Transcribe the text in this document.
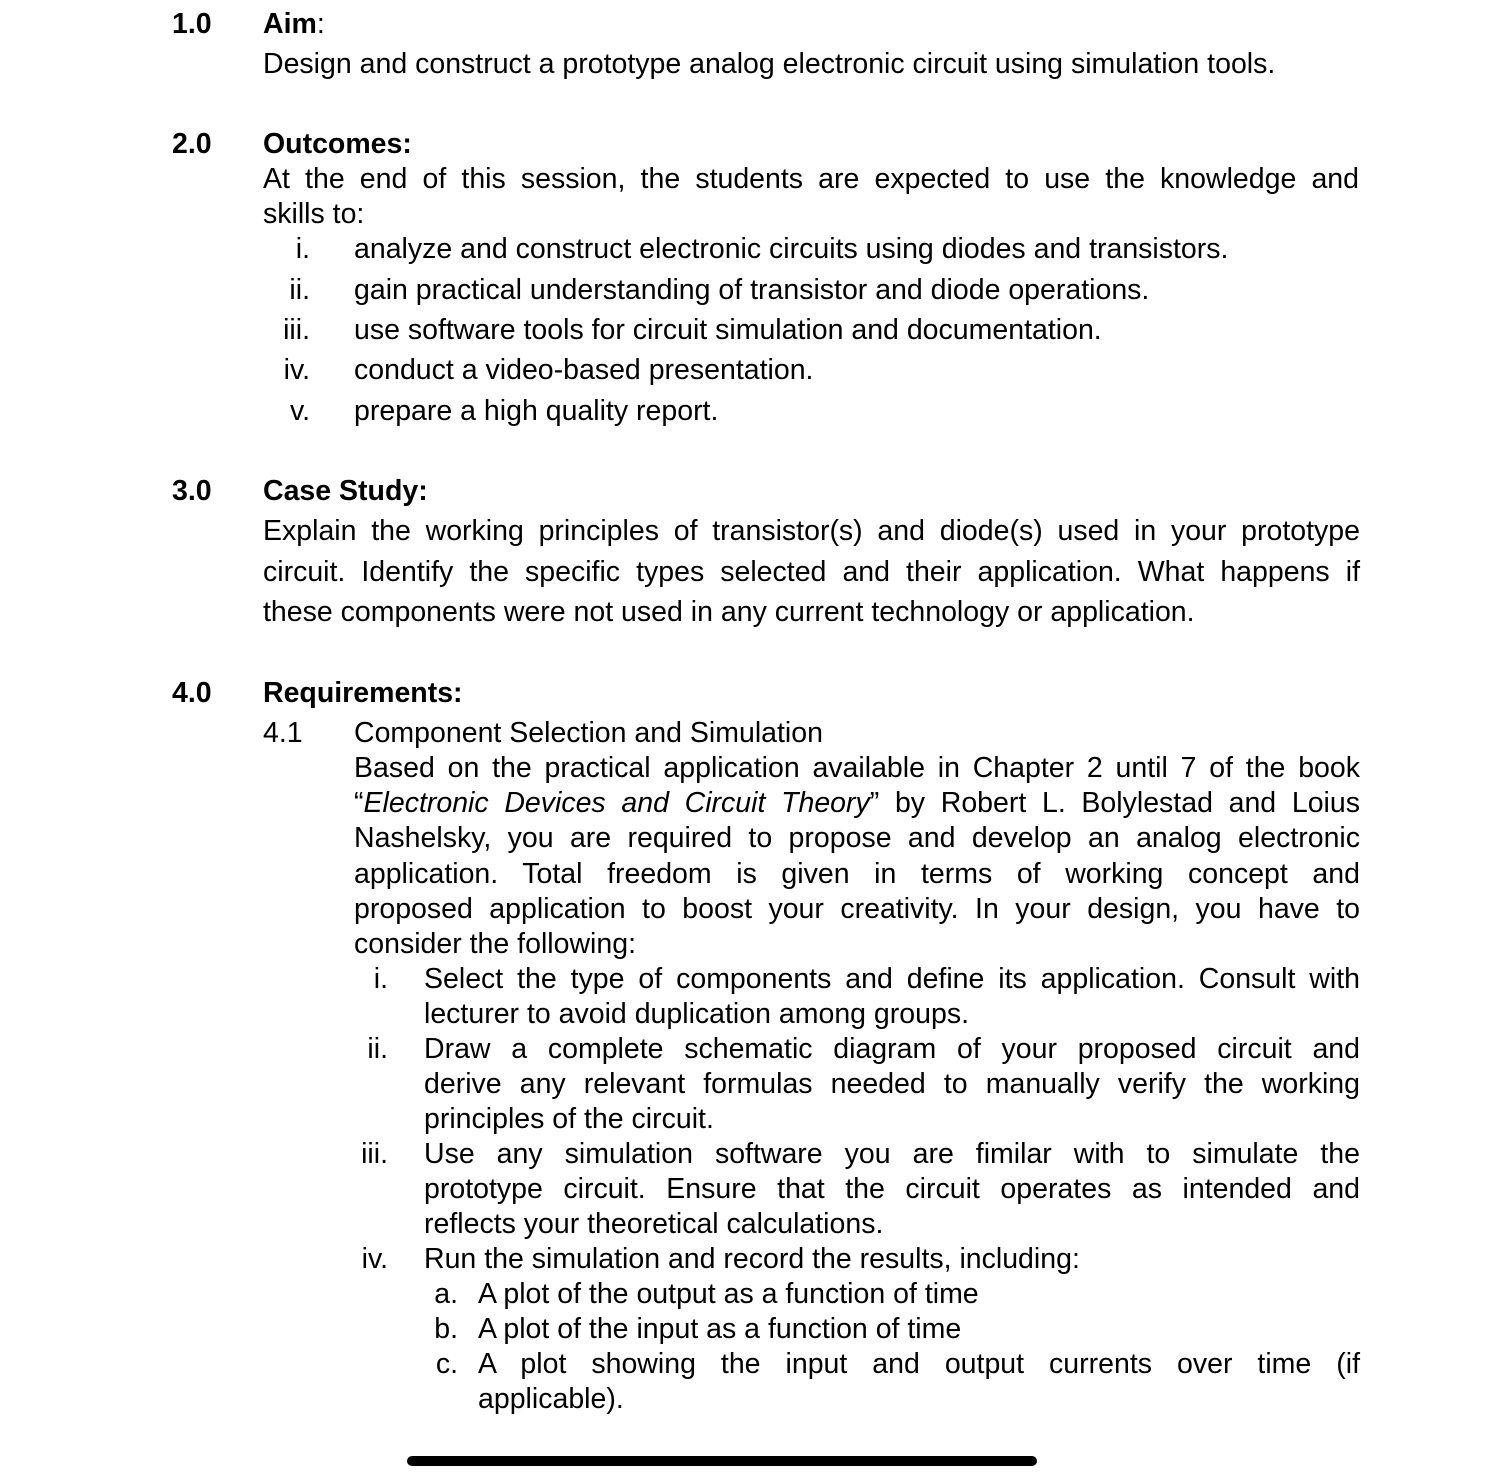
1.0 Aim:
Design and construct a prototype analog electronic circuit using simulation tools.
2.0 Outcomes:
At the end of this session, the students are expected to use the knowledge and
skills to:
i. analyze and construct electronic circuits using diodes and transistors.
ii. gain practical understanding of transistor and diode operations.
iii. use software tools for circuit simulation and documentation.
iv. conduct a video-based presentation.
v. prepare a high quality report.
3.0 Case Study:
Explain the working principles of transistor(s) and diode(s) used in your prototype
circuit. Identify the specific types selected and their application. What happens if
these components were not used in any current technology or application.
4.0 Requirements:
4.1 Component Selection and Simulation
Based on the practical application available in Chapter 2 until 7 of the book
“Electronic Devices and Circuit Theory” by Robert L. Bolylestad and Loius
Nashelsky, you are required to propose and develop an analog electronic
application. Total freedom is given in terms of working concept and
proposed application to boost your creativity. In your design, you have to
consider the following:
i. Select the type of components and define its application. Consult with
lecturer to avoid duplication among groups.
ii. Draw a complete schematic diagram of your proposed circuit and
derive any relevant formulas needed to manually verify the working
principles of the circuit.
iii. Use any simulation software you are fimilar with to simulate the
prototype circuit. Ensure that the circuit operates as intended and
reflects your theoretical calculations.
iv. Run the simulation and record the results, including:
a. A plot of the output as a function of time
b. A plot of the input as a function of time
c. A plot showing the input and output currents over time (if
applicable).
